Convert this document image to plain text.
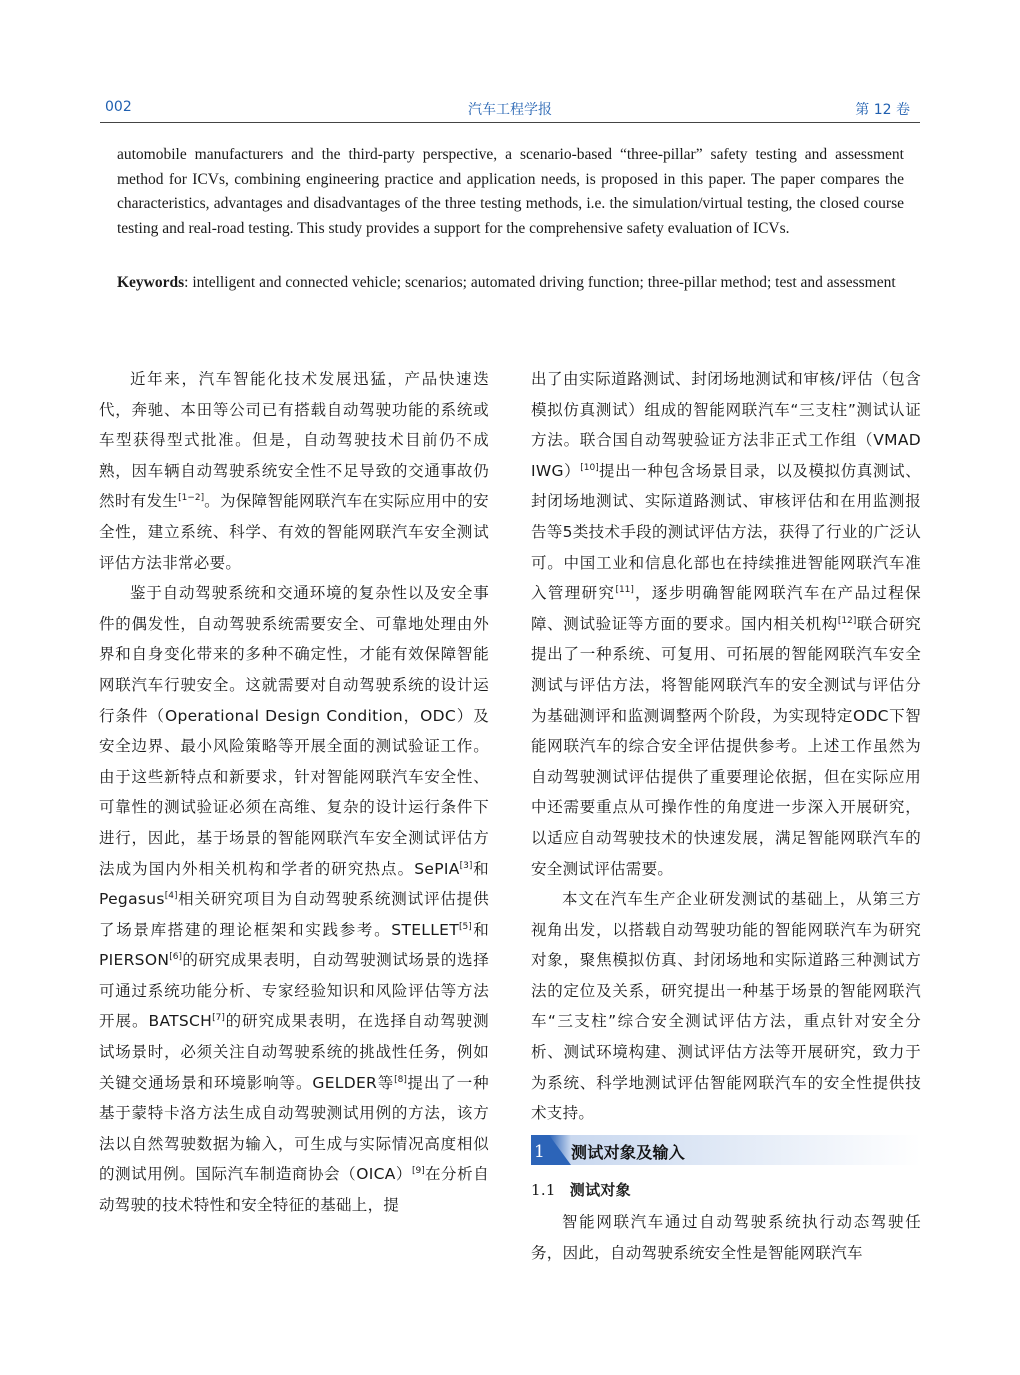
002	汽车工程学报	第 12 卷
automobile manufacturers and the third-party perspective, a scenario-based “three-pillar” safety testing and assessment method for ICVs, combining engineering practice and application needs, is proposed in this paper. The paper compares the characteristics, advantages and disadvantages of the three testing methods, i.e. the simulation/virtual testing, the closed course testing and real-road testing. This study provides a support for the comprehensive safety evaluation of ICVs.
Keywords: intelligent and connected vehicle; scenarios; automated driving function; three-pillar method; test and assessment

近年来，汽车智能化技术发展迅猛，产品快速迭代，奔驰、本田等公司已有搭载自动驾驶功能的系统或车型获得型式批准。但是，自动驾驶技术目前仍不成熟，因车辆自动驾驶系统安全性不足导致的交通事故仍然时有发生[1−2]。为保障智能网联汽车在实际应用中的安全性，建立系统、科学、有效的智能网联汽车安全测试评估方法非常必要。

鉴于自动驾驶系统和交通环境的复杂性以及安全事件的偶发性，自动驾驶系统需要安全、可靠地处理由外界和自身变化带来的多种不确定性，才能有效保障智能网联汽车行驶安全。这就需要对自动驾驶系统的设计运行条件（Operational Design Condition，ODC）及安全边界、最小风险策略等开展全面的测试验证工作。由于这些新特点和新要求，针对智能网联汽车安全性、可靠性的测试验证必须在高维、复杂的设计运行条件下进行，因此，基于场景的智能网联汽车安全测试评估方法成为国内外相关机构和学者的研究热点。SePIA[3]和Pegasus[4]相关研究项目为自动驾驶系统测试评估提供了场景库搭建的理论框架和实践参考。STELLET[5]和PIERSON[6]的研究成果表明，自动驾驶测试场景的选择可通过系统功能分析、专家经验知识和风险评估等方法开展。BATSCH[7]的研究成果表明，在选择自动驾驶测试场景时，必须关注自动驾驶系统的挑战性任务，例如关键交通场景和环境影响等。GELDER等[8]提出了一种基于蒙特卡洛方法生成自动驾驶测试用例的方法，该方法以自然驾驶数据为输入，可生成与实际情况高度相似的测试用例。国际汽车制造商协会（OICA）[9]在分析自动驾驶的技术特性和安全特征的基础上，提

出了由实际道路测试、封闭场地测试和审核/评估（包含模拟仿真测试）组成的智能网联汽车“三支柱”测试认证方法。联合国自动驾驶验证方法非正式工作组（VMAD IWG）[10]提出一种包含场景目录，以及模拟仿真测试、封闭场地测试、实际道路测试、审核评估和在用监测报告等5类技术手段的测试评估方法，获得了行业的广泛认可。中国工业和信息化部也在持续推进智能网联汽车准入管理研究[11]，逐步明确智能网联汽车在产品过程保障、测试验证等方面的要求。国内相关机构[12]联合研究提出了一种系统、可复用、可拓展的智能网联汽车安全测试与评估方法，将智能网联汽车的安全测试与评估分为基础测评和监测调整两个阶段，为实现特定ODC下智能网联汽车的综合安全评估提供参考。上述工作虽然为自动驾驶测试评估提供了重要理论依据，但在实际应用中还需要重点从可操作性的角度进一步深入开展研究，以适应自动驾驶技术的快速发展，满足智能网联汽车的安全测试评估需要。

本文在汽车生产企业研发测试的基础上，从第三方视角出发，以搭载自动驾驶功能的智能网联汽车为研究对象，聚焦模拟仿真、封闭场地和实际道路三种测试方法的定位及关系，研究提出一种基于场景的智能网联汽车“三支柱”综合安全测试评估方法，重点针对安全分析、测试环境构建、测试评估方法等开展研究，致力于为系统、科学地测试评估智能网联汽车的安全性提供技术支持。

1 测试对象及输入
1.1 测试对象

智能网联汽车通过自动驾驶系统执行动态驾驶任务，因此，自动驾驶系统安全性是智能网联汽车
